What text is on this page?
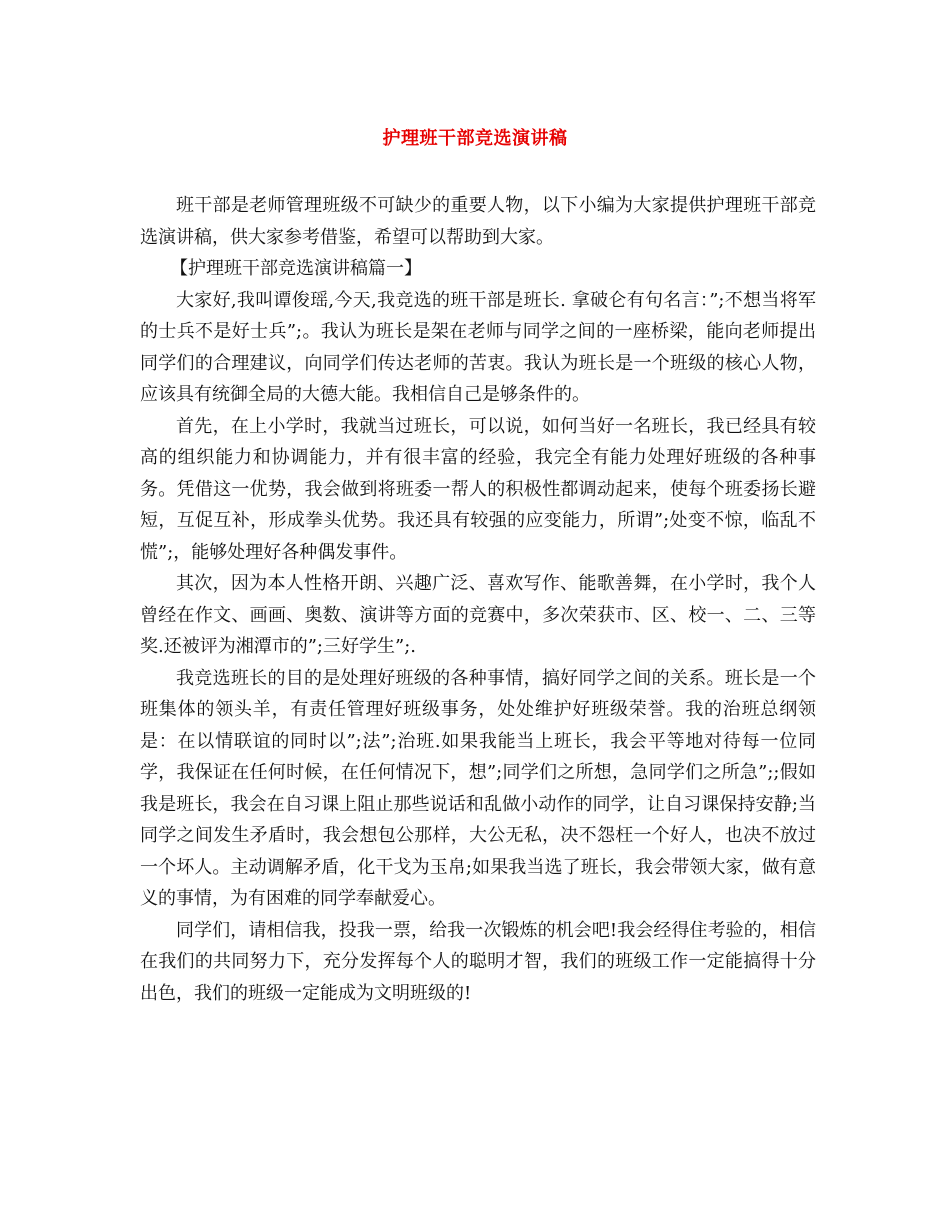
护理班干部竞选演讲稿

班干部是老师管理班级不可缺少的重要人物，以下小编为大家提供护理班干部竞选演讲稿，供大家参考借鉴，希望可以帮助到大家。

【护理班干部竞选演讲稿篇一】

大家好,我叫谭俊瑶,今天,我竞选的班干部是班长. 拿破仑有句名言：”;不想当将军的士兵不是好士兵”;。我认为班长是架在老师与同学之间的一座桥梁，能向老师提出同学们的合理建议，向同学们传达老师的苦衷。我认为班长是一个班级的核心人物，应该具有统御全局的大德大能。我相信自己是够条件的。

首先，在上小学时，我就当过班长，可以说，如何当好一名班长，我已经具有较高的组织能力和协调能力，并有很丰富的经验，我完全有能力处理好班级的各种事务。凭借这一优势，我会做到将班委一帮人的积极性都调动起来，使每个班委扬长避短，互促互补，形成拳头优势。我还具有较强的应变能力，所谓”;处变不惊，临乱不慌”;，能够处理好各种偶发事件。

其次，因为本人性格开朗、兴趣广泛、喜欢写作、能歌善舞，在小学时，我个人曾经在作文、画画、奥数、演讲等方面的竞赛中，多次荣获市、区、校一、二、三等奖.还被评为湘潭市的”;三好学生”;.

我竞选班长的目的是处理好班级的各种事情，搞好同学之间的关系。班长是一个班集体的领头羊，有责任管理好班级事务，处处维护好班级荣誉。我的治班总纲领是：在以情联谊的同时以”;法”;治班.如果我能当上班长，我会平等地对待每一位同学，我保证在任何时候，在任何情况下，想”;同学们之所想，急同学们之所急”;;假如我是班长，我会在自习课上阻止那些说话和乱做小动作的同学，让自习课保持安静;当同学之间发生矛盾时，我会想包公那样，大公无私，决不怨枉一个好人，也决不放过一个坏人。主动调解矛盾，化干戈为玉帛;如果我当选了班长，我会带领大家，做有意义的事情，为有困难的同学奉献爱心。

同学们，请相信我，投我一票，给我一次锻炼的机会吧!我会经得住考验的，相信在我们的共同努力下，充分发挥每个人的聪明才智，我们的班级工作一定能搞得十分出色，我们的班级一定能成为文明班级的!
